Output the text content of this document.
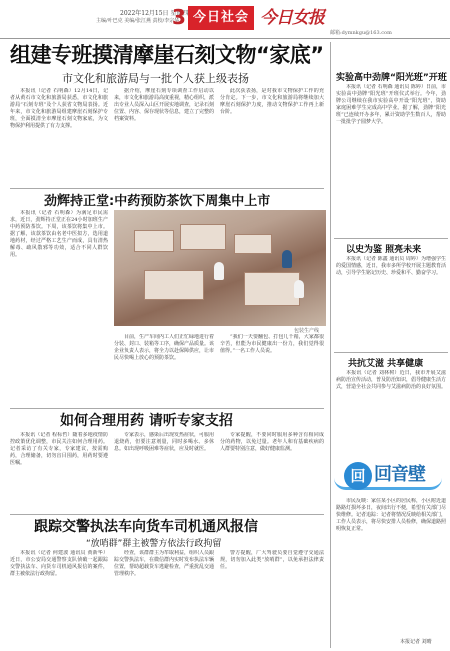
2022年12月15日 星期四
主编/叶巴克 美编/张江燕 责校/李宗华
3 今日社会 今日女报
邮箱:dymnkgu@163.com
组建专班摸清摩崖石刻文物“家底”
市文化和旅游局与一批个人获上级表扬

本报讯（记者 石明森）12月14日，记者从黄石市文化和旅游局获悉，市文化和旅游局“石刻专班”及个人获省文物局表扬。近年来，市文化和旅游局组建摩崖石刻保护专班，全面摸清全市摩崖石刻文物家底，为文物保护利用提供了有力支撑。

据介绍，摩崖石刻专项调查工作启动以来，市文化和旅游局高度重视，精心组织，派出专业人员深入山区开展实地调查，记录石刻位置、内容、保存现状等信息，建立了完整的档案资料。

此次获表扬，是对我市文物保护工作的充分肯定。下一步，市文化和旅游局将继续加大摩崖石刻保护力度，推动文物保护工作再上新台阶。

劲辉持正堂:中药预防茶饮下周集中上市

本报讯（记者 石明森）为满足市民需求，近日，劲辉持正堂正在24小时加班生产中药预防茶饮。下周，该茶饮将集中上市。据了解，该款茶饮由名老中医拟方，选用道地药材，经过严格工艺生产而成，具有清热解毒、疏风散邪等功效，适合不同人群饮用。

包装生产线

目前，生产车间内工人们正忙碌地进行着分装、封口、装箱等工序，确保产品质量。该企业负责人表示，将全力以赴保障供应，让市民尽快喝上放心的预防茶饮。

“我们一天要翻包、打包几千箱，大家都很辛苦，但能为市民健康出一份力，我们觉得很值得。”一名工作人员说。

如何合理用药 请听专家支招

本报讯（记者 程标哲）随着多地疫情防控政策优化调整，市民关注如何合理用药。记者采访了有关专家，专家建议，按需购药，合理储备，切勿盲目囤药，用药时要遵医嘱。

专家表示，感染后出现发热症状，可服用退烧药，但要注意剂量，同时多喝水、多休息。如出现呼吸困难等症状，应及时就医。

专家提醒，不要同时服用多种含有相同成分的药物，以免过量。老年人和有基础疾病的人群要特别注意，做好健康监测。

跟踪交警执法车向货车司机通风报信
“放哨群”群主被警方依法行政拘留

本报讯（记者 何建波 通讯员 黄新华）近日，市公安局交通警察支队侦破一起跟踪交警执法车、向货车司机通风报信的案件，群主被依法行政拘留。

经查，该群群主为牟取利益，组织人员跟踪交警执法车，在微信群内实时发布执法车辆位置，帮助超载货车逃避检查，严重扰乱交通管理秩序。

警方提醒，广大驾驶员要自觉遵守交通法规，切勿加入此类“放哨群”，以免承担法律责任。

实验高中劲牌“阳光班”开班

本报讯（记者 石明森 通讯员 陈婷）日前，市实验高中劲牌“阳光班”开班仪式举行。今年，劲牌公司继续在我市实验高中开设“阳光班”，资助家庭困难学生完成高中学业。据了解，劲牌“阳光班”已连续开办多年，累计资助学生数百人，帮助一批批学子圆梦大学。

以史为鉴 照亮未来

本报讯（记者 陈鑫 通讯员 周婷）为增强学生的爱国情感，近日，我市多所学校开展主题教育活动，引导学生铭记历史、珍爱和平、勤奋学习。

共抗艾滋 共享健康

本报讯（记者 刘林树）近日，我市开展艾滋病防治宣传活动，普及防治知识，倡导健康生活方式，营造全社会共同参与艾滋病防治的良好氛围。

回 回音壁

市民反映：家住某小区的居民称，小区附近道路路灯损坏多日，夜间出行不便，希望有关部门尽快维修。记者追踪：记者将情况反映给相关部门，工作人员表示，将尽快安排人员检修，确保道路照明恢复正常。

本报记者 刘晴
